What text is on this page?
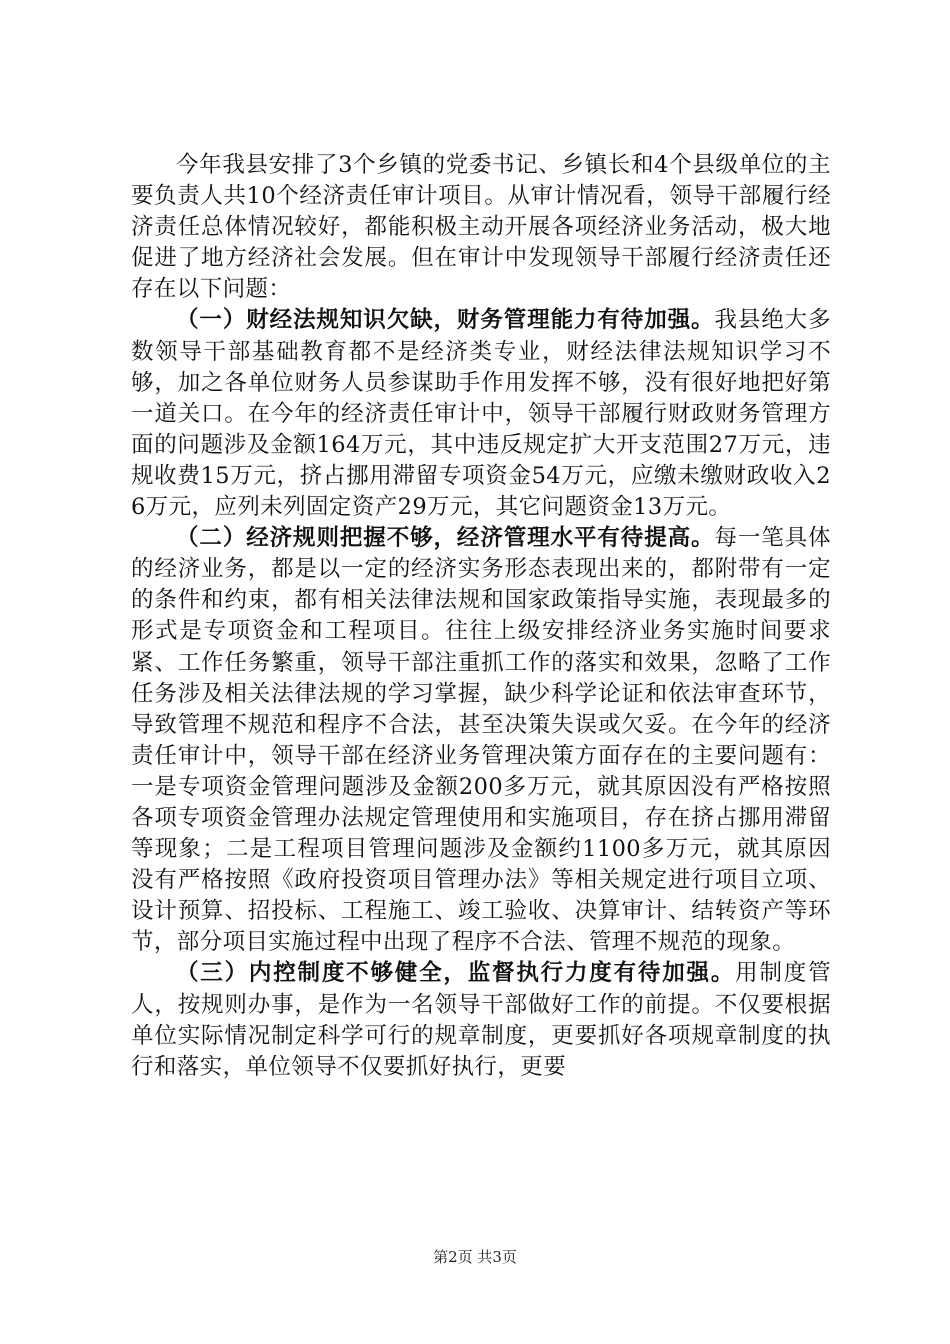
今年我县安排了3个乡镇的党委书记、乡镇长和4个县级单位的主要负责人共10个经济责任审计项目。从审计情况看，领导干部履行经济责任总体情况较好，都能积极主动开展各项经济业务活动，极大地促进了地方经济社会发展。但在审计中发现领导干部履行经济责任还存在以下问题：

（一）财经法规知识欠缺，财务管理能力有待加强。我县绝大多数领导干部基础教育都不是经济类专业，财经法律法规知识学习不够，加之各单位财务人员参谋助手作用发挥不够，没有很好地把好第一道关口。在今年的经济责任审计中，领导干部履行财政财务管理方面的问题涉及金额164万元，其中违反规定扩大开支范围27万元，违规收费15万元，挤占挪用滞留专项资金54万元，应缴未缴财政收入26万元，应列未列固定资产29万元，其它问题资金13万元。

（二）经济规则把握不够，经济管理水平有待提高。每一笔具体的经济业务，都是以一定的经济实务形态表现出来的，都附带有一定的条件和约束，都有相关法律法规和国家政策指导实施，表现最多的形式是专项资金和工程项目。往往上级安排经济业务实施时间要求紧、工作任务繁重，领导干部注重抓工作的落实和效果，忽略了工作任务涉及相关法律法规的学习掌握，缺少科学论证和依法审查环节，导致管理不规范和程序不合法，甚至决策失误或欠妥。在今年的经济责任审计中，领导干部在经济业务管理决策方面存在的主要问题有：一是专项资金管理问题涉及金额200多万元，就其原因没有严格按照各项专项资金管理办法规定管理使用和实施项目，存在挤占挪用滞留等现象；二是工程项目管理问题涉及金额约1100多万元，就其原因没有严格按照《政府投资项目管理办法》等相关规定进行项目立项、设计预算、招投标、工程施工、竣工验收、决算审计、结转资产等环节，部分项目实施过程中出现了程序不合法、管理不规范的现象。

（三）内控制度不够健全，监督执行力度有待加强。用制度管人，按规则办事，是作为一名领导干部做好工作的前提。不仅要根据单位实际情况制定科学可行的规章制度，更要抓好各项规章制度的执行和落实，单位领导不仅要抓好执行，更要

第2页 共3页
